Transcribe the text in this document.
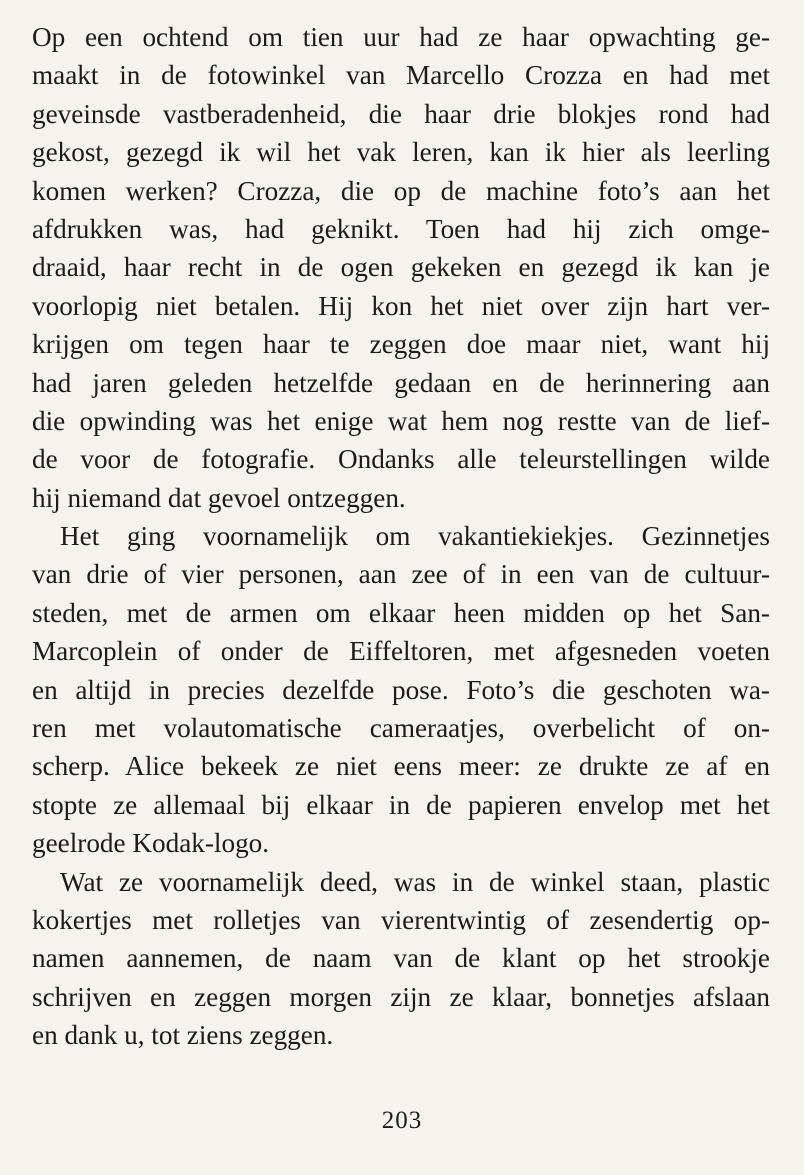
Op een ochtend om tien uur had ze haar opwachting ge-
maakt in de fotowinkel van Marcello Crozza en had met
geveinsde vastberadenheid, die haar drie blokjes rond had
gekost, gezegd ik wil het vak leren, kan ik hier als leerling
komen werken? Crozza, die op de machine foto’s aan het
afdrukken was, had geknikt. Toen had hij zich omge-
draaid, haar recht in de ogen gekeken en gezegd ik kan je
voorlopig niet betalen. Hij kon het niet over zijn hart ver-
krijgen om tegen haar te zeggen doe maar niet, want hij
had jaren geleden hetzelfde gedaan en de herinnering aan
die opwinding was het enige wat hem nog restte van de lief-
de voor de fotografie. Ondanks alle teleurstellingen wilde
hij niemand dat gevoel ontzeggen.
Het ging voornamelijk om vakantiekiekjes. Gezinnetjes
van drie of vier personen, aan zee of in een van de cultuur-
steden, met de armen om elkaar heen midden op het San-
Marcoplein of onder de Eiffeltoren, met afgesneden voeten
en altijd in precies dezelfde pose. Foto’s die geschoten wa-
ren met volautomatische cameraatjes, overbelicht of on-
scherp. Alice bekeek ze niet eens meer: ze drukte ze af en
stopte ze allemaal bij elkaar in de papieren envelop met het
geelrode Kodak-logo.
Wat ze voornamelijk deed, was in de winkel staan, plastic
kokertjes met rolletjes van vierentwintig of zesendertig op-
namen aannemen, de naam van de klant op het strookje
schrijven en zeggen morgen zijn ze klaar, bonnetjes afslaan
en dank u, tot ziens zeggen.
203
